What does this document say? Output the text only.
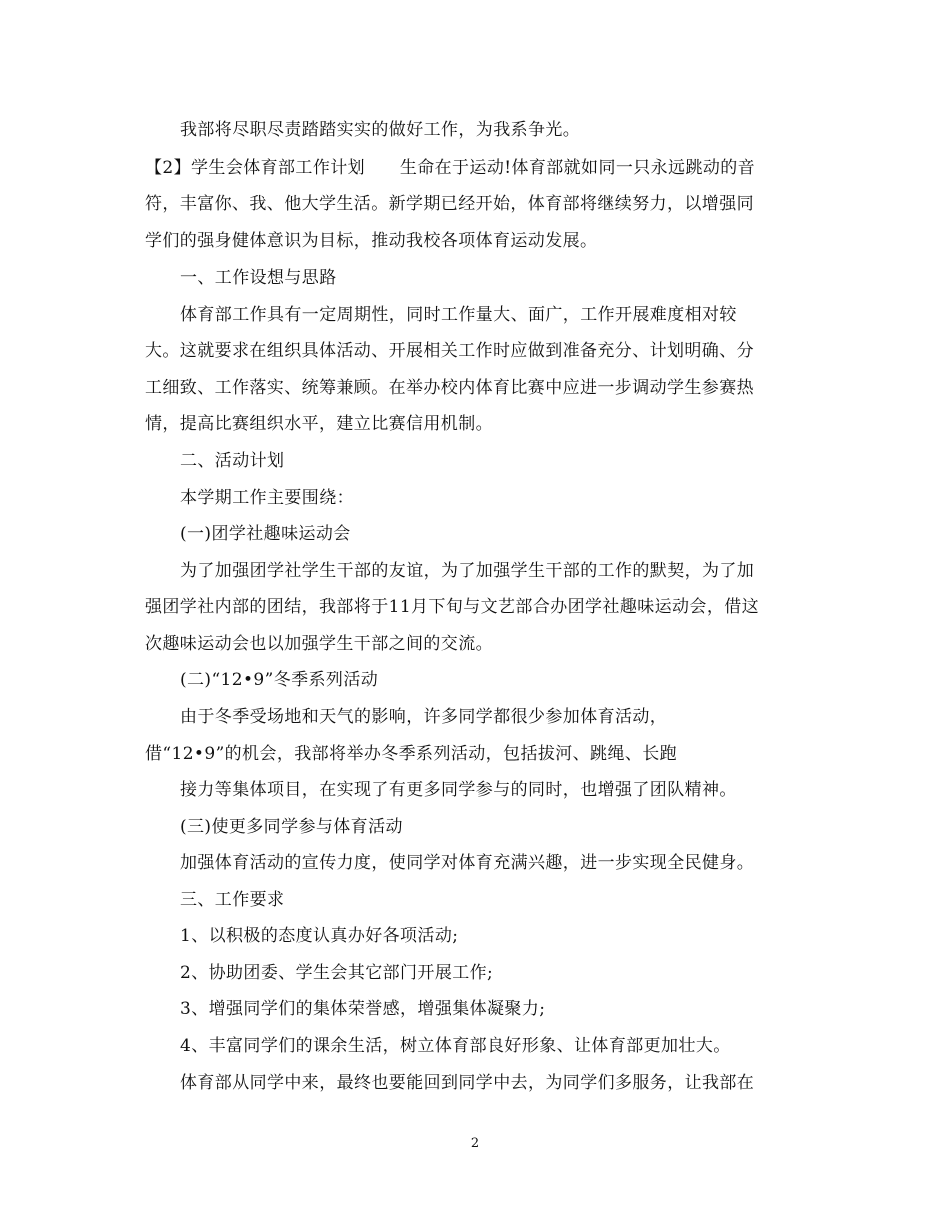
我部将尽职尽责踏踏实实的做好工作，为我系争光。
【2】学生会体育部工作计划　　生命在于运动!体育部就如同一只永远跳动的音
符，丰富你、我、他大学生活。新学期已经开始，体育部将继续努力，以增强同
学们的强身健体意识为目标，推动我校各项体育运动发展。
一、工作设想与思路
体育部工作具有一定周期性，同时工作量大、面广，工作开展难度相对较
大。这就要求在组织具体活动、开展相关工作时应做到准备充分、计划明确、分
工细致、工作落实、统筹兼顾。在举办校内体育比赛中应进一步调动学生参赛热
情，提高比赛组织水平，建立比赛信用机制。
二、活动计划
本学期工作主要围绕：
(一)团学社趣味运动会
为了加强团学社学生干部的友谊，为了加强学生干部的工作的默契，为了加
强团学社内部的团结，我部将于11月下旬与文艺部合办团学社趣味运动会，借这
次趣味运动会也以加强学生干部之间的交流。
(二)“12•9”冬季系列活动
由于冬季受场地和天气的影响，许多同学都很少参加体育活动，
借“12•9”的机会，我部将举办冬季系列活动，包括拔河、跳绳、长跑
接力等集体项目，在实现了有更多同学参与的同时，也增强了团队精神。
(三)使更多同学参与体育活动
加强体育活动的宣传力度，使同学对体育充满兴趣，进一步实现全民健身。
三、工作要求
1、以积极的态度认真办好各项活动;
2、协助团委、学生会其它部门开展工作;
3、增强同学们的集体荣誉感，增强集体凝聚力;
4、丰富同学们的课余生活，树立体育部良好形象、让体育部更加壮大。
体育部从同学中来，最终也要能回到同学中去，为同学们多服务，让我部在
2
